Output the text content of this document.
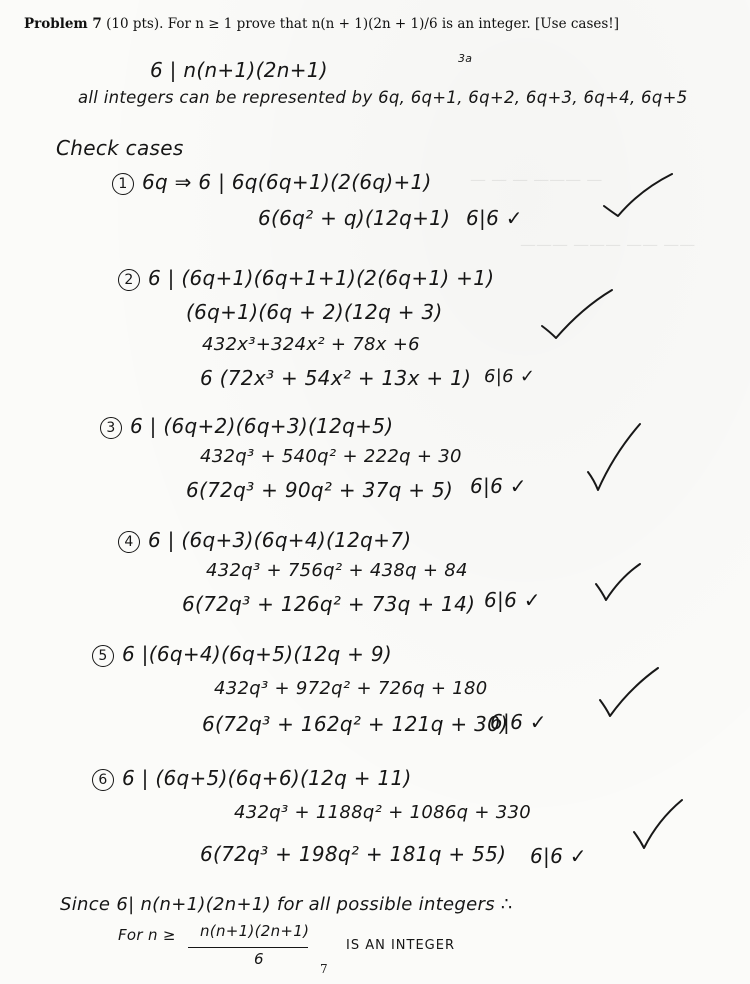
— — — ——— —
——— ——— —— ——
Problem 7 (10 pts). For n ≥ 1 prove that n(n + 1)(2n + 1)/6 is an integer. [Use cases!]
3a
6 | n(n+1)(2n+1)
all integers can be represented by 6q, 6q+1, 6q+2, 6q+3, 6q+4, 6q+5
Check cases
1 6q ⇒ 6 | 6q(6q+1)(2(6q)+1)
6(6q² + q)(12q+1) 6|6 ✓
2 6 | (6q+1)(6q+1+1)(2(6q+1) +1)
(6q+1)(6q + 2)(12q + 3)
432x³+324x² + 78x +6
6 (72x³ + 54x² + 13x + 1) 6|6 ✓
3 6 | (6q+2)(6q+3)(12q+5)
432q³ + 540q² + 222q + 30
6(72q³ + 90q² + 37q + 5) 6|6 ✓
4 6 | (6q+3)(6q+4)(12q+7)
432q³ + 756q² + 438q + 84
6(72q³ + 126q² + 73q + 14) 6|6 ✓
5 6 |(6q+4)(6q+5)(12q + 9)
432q³ + 972q² + 726q + 180
6(72q³ + 162q² + 121q + 30)
6|6 ✓
6 6 | (6q+5)(6q+6)(12q + 11)
432q³ + 1188q² + 1086q + 330
6(72q³ + 198q² + 181q + 55) 6|6 ✓
Since 6| n(n+1)(2n+1) for all possible integers ∴
For n ≥ n(n+1)(2n+1)
6
IS AN INTEGER
7
